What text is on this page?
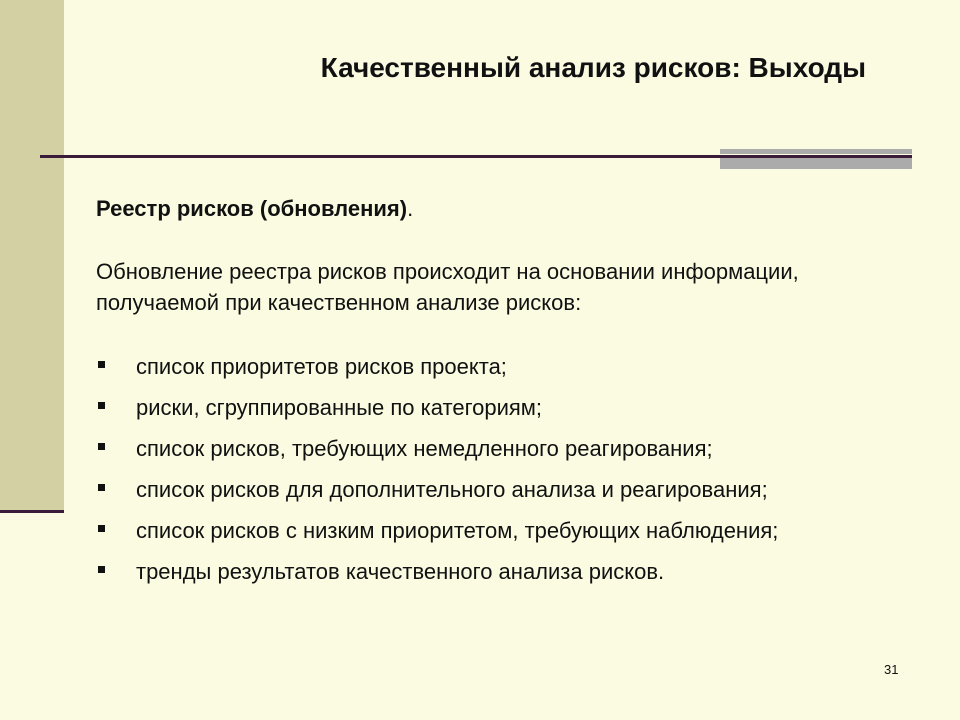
Качественный анализ рисков: Выходы
Реестр рисков (обновления).
Обновление реестра рисков происходит на основании информации, получаемой при качественном анализе рисков:
список приоритетов рисков проекта;
риски, сгруппированные по категориям;
список рисков, требующих немедленного реагирования;
список рисков для дополнительного анализа и реагирования;
список рисков с низким приоритетом, требующих наблюдения;
тренды результатов качественного анализа рисков.
31
